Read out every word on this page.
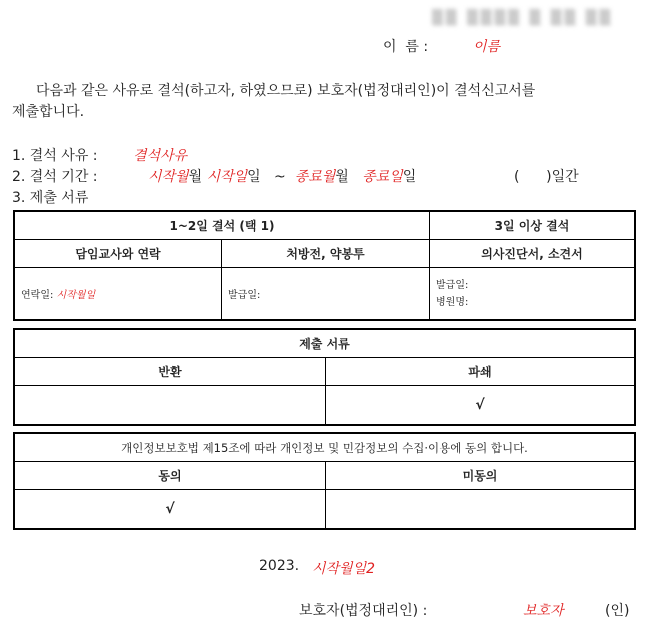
▒▒ ▒▒▒▒ ▒ ▒▒ ▒▒
이  름 :	이름
다음과 같은 사유로 결석(하고자, 하였으므로) 보호자(법정대리인)이 결석신고서를
제출합니다.
1. 결석 사유 :	결석사유
2. 결석 기간 :	시작월월 시작일일 ~ 종료월월 종료일일	(      )일간
3. 제출 서류
1~2일 결석 (택 1)		3일 이상 결석
담임교사와 연락	처방전, 약봉투	의사진단서, 소견서
연락일: 시작월일	발급일:	발급일:
병원명:
제출 서류	
반환	파쇄
	√
개인정보보호법 제15조에 따라 개인정보 및 민감정보의 수집·이용에 동의 합니다.	
동의	미동의
√	
2023. 시작월일2
보호자(법정대리인) :	보호자	(인)
